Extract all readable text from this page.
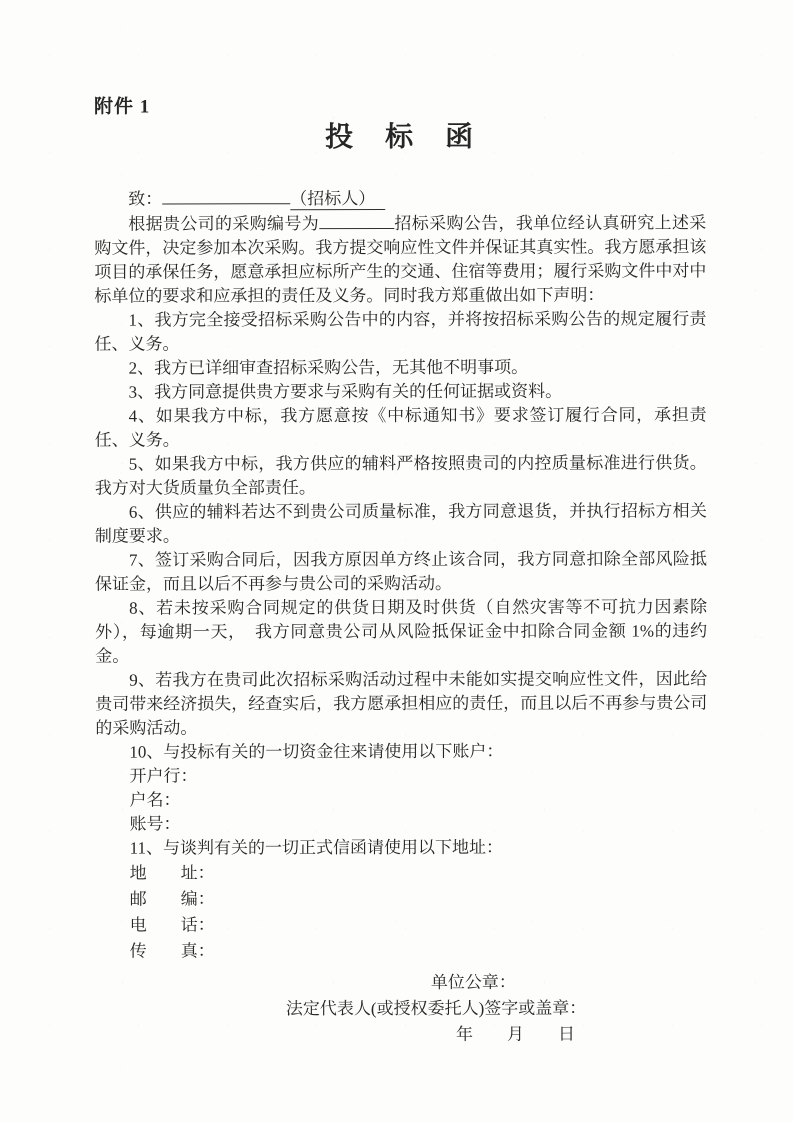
附件 1
投　标　函
致：	（招标人）

根据贵公司的采购编号为	招标采购公告，我单位经认真研究上述采购文件，决定参加本次采购。我方提交响应性文件并保证其真实性。我方愿承担该项目的承保任务，愿意承担应标所产生的交通、住宿等费用；履行采购文件中对中标单位的要求和应承担的责任及义务。同时我方郑重做出如下声明：

1、我方完全接受招标采购公告中的内容，并将按招标采购公告的规定履行责任、义务。

2、我方已详细审查招标采购公告，无其他不明事项。

3、我方同意提供贵方要求与采购有关的任何证据或资料。

4、如果我方中标，我方愿意按《中标通知书》要求签订履行合同，承担责任、义务。

5、如果我方中标，我方供应的辅料严格按照贵司的内控质量标准进行供货。我方对大货质量负全部责任。

6、供应的辅料若达不到贵公司质量标准，我方同意退货，并执行招标方相关制度要求。

7、签订采购合同后，因我方原因单方终止该合同，我方同意扣除全部风险抵保证金，而且以后不再参与贵公司的采购活动。

8、若未按采购合同规定的供货日期及时供货（自然灾害等不可抗力因素除外），每逾期一天，　我方同意贵公司从风险抵保证金中扣除合同金额 1%的违约金。

9、若我方在贵司此次招标采购活动过程中未能如实提交响应性文件，因此给贵司带来经济损失，经查实后，我方愿承担相应的责任，而且以后不再参与贵公司的采购活动。

10、与投标有关的一切资金往来请使用以下账户：

开户行：

户名：

账号：

11、与谈判有关的一切正式信函请使用以下地址：

地　　址：

邮　　编：

电　　话：

传　　真：

单位公章：
法定代表人(或授权委托人)签字或盖章：
年　　月　　日
